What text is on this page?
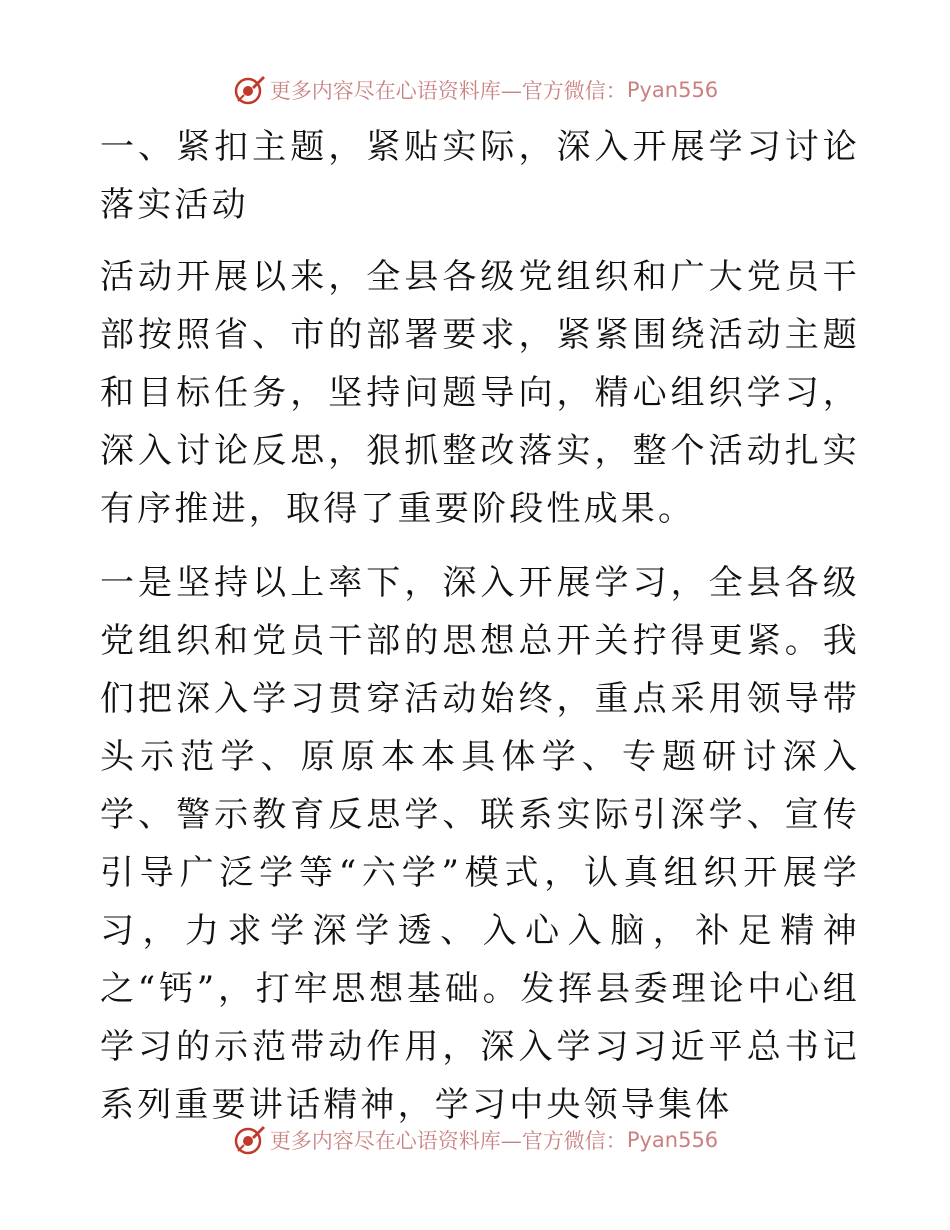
更多内容尽在心语资料库 —官方微信： Pyan556

一、紧扣主题，紧贴实际，深入开展学习讨论落实活动

活动开展以来，全县各级党组织和广大党员干部按照省、市的部署要求，紧紧围绕活动主题和目标任务，坚持问题导向，精心组织学习，深入讨论反思，狠抓整改落实，整个活动扎实有序推进，取得了重要阶段性成果。

一是坚持以上率下，深入开展学习，全县各级党组织和党员干部的思想总开关拧得更紧。我们把深入学习贯穿活动始终，重点采用领导带头示范学、原原本本具体学、专题研讨深入学、警示教育反思学、联系实际引深学、宣传引导广泛学等“六学”模式，认真组织开展学习，力求学深学透、入心入脑，补足精神之“钙”，打牢思想基础。发挥县委理论中心组学习的示范带动作用，深入学习习近平总书记系列重要讲话精神，学习中央领导集体

更多内容尽在心语资料库 —官方微信： Pyan556
